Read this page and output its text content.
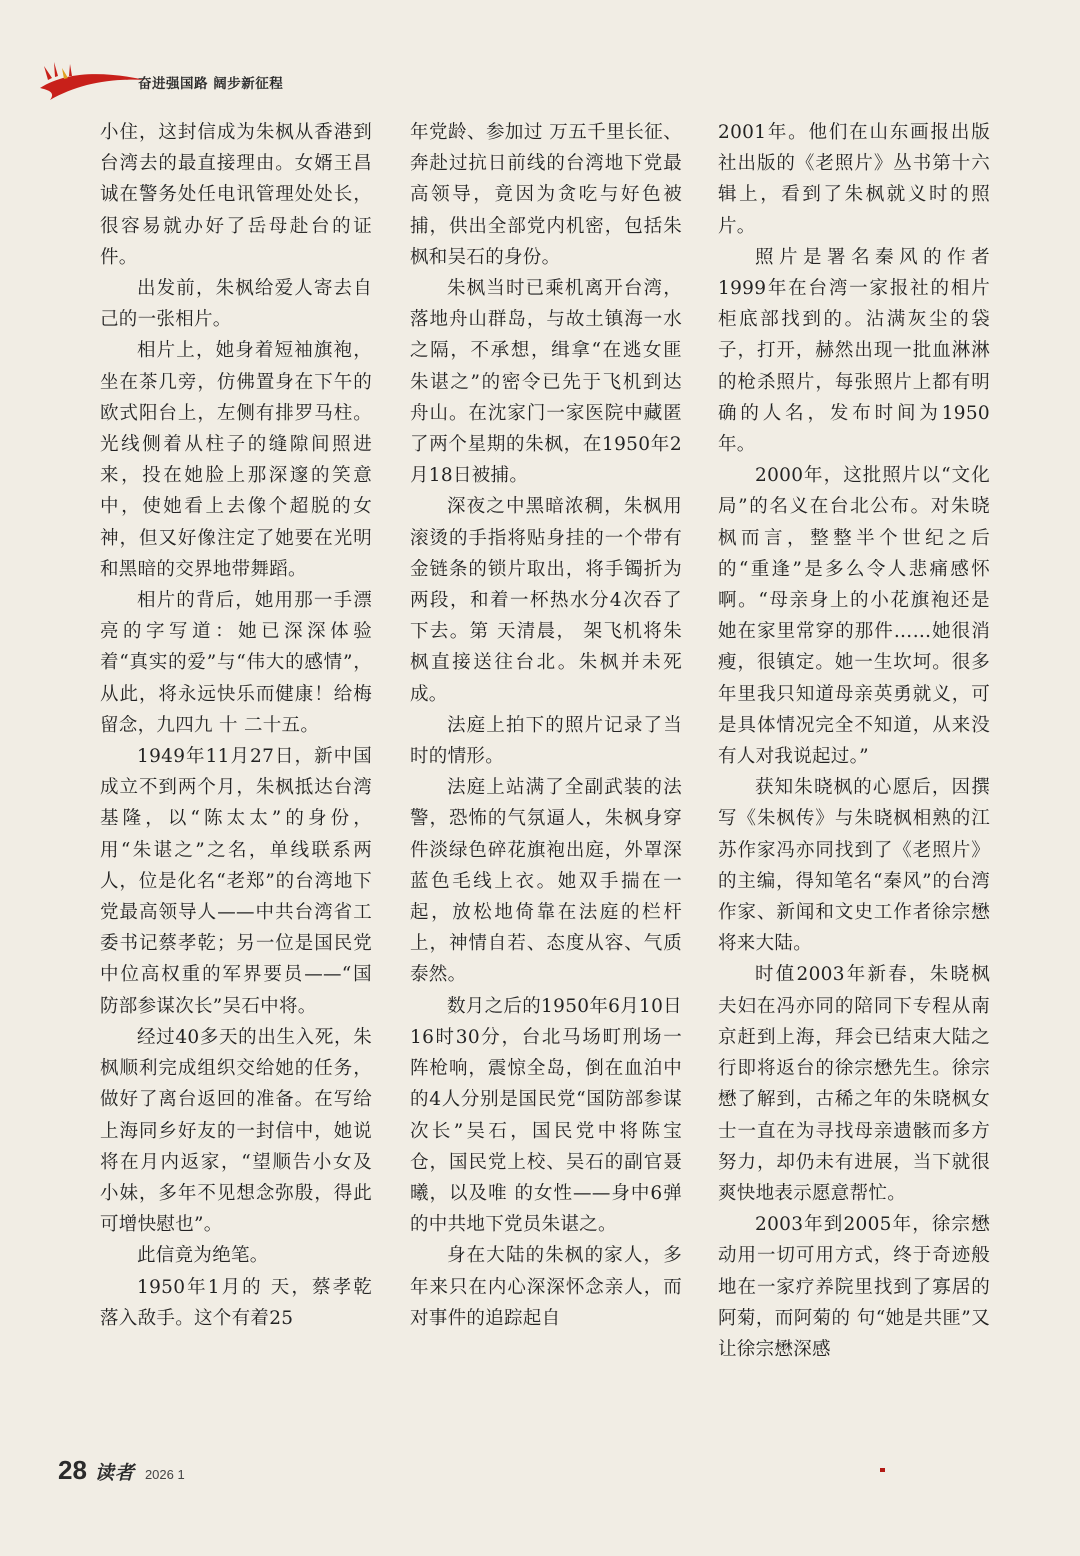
奋进强国路 阔步新征程

小住，这封信成为朱枫从香港到台湾去的最直接理由。女婿王昌诚在警务处任电讯管理处处长，很容易就办好了岳母赴台的证件。

出发前，朱枫给爱人寄去自己的一张相片。

相片上，她身着短袖旗袍，坐在茶几旁，仿佛置身在下午的欧式阳台上，左侧有排罗马柱。光线侧着从柱子的缝隙间照进来，投在她脸上那深邃的笑意中，使她看上去像个超脱的女神，但又好像注定了她要在光明和黑暗的交界地带舞蹈。

相片的背后，她用那一手漂亮的字写道：她已深深体验着“真实的爱”与“伟大的感情”，从此，将永远快乐而健康！给梅留念，九四九 十 二十五。

1949年11月27日，新中国成立不到两个月，朱枫抵达台湾基隆，以“陈太太”的身份，用“朱谌之”之名，单线联系两人，位是化名“老郑”的台湾地下党最高领导人——中共台湾省工委书记蔡孝乾；另一位是国民党中位高权重的军界要员——“国防部参谋次长”吴石中将。

经过40多天的出生入死，朱枫顺利完成组织交给她的任务，做好了离台返回的准备。在写给上海同乡好友的一封信中，她说将在月内返家，“望顺告小女及小妹，多年不见想念弥殷，得此可增快慰也”。

此信竟为绝笔。

1950年1月的 天，蔡孝乾落入敌手。这个有着25

年党龄、参加过 万五千里长征、奔赴过抗日前线的台湾地下党最高领导，竟因为贪吃与好色被捕，供出全部党内机密，包括朱枫和吴石的身份。

朱枫当时已乘机离开台湾，落地舟山群岛，与故土镇海一水之隔，不承想，缉拿“在逃女匪朱谌之”的密令已先于飞机到达舟山。在沈家门一家医院中藏匿了两个星期的朱枫，在1950年2月18日被捕。

深夜之中黑暗浓稠，朱枫用滚烫的手指将贴身挂的一个带有金链条的锁片取出，将手镯折为两段，和着一杯热水分4次吞了下去。第 天清晨， 架飞机将朱枫直接送往台北。朱枫并未死成。

法庭上拍下的照片记录了当时的情形。

法庭上站满了全副武装的法警，恐怖的气氛逼人，朱枫身穿 件淡绿色碎花旗袍出庭，外罩深蓝色毛线上衣。她双手揣在一起，放松地倚靠在法庭的栏杆上，神情自若、态度从容、气质泰然。

数月之后的1950年6月10日16时30分，台北马场町刑场一阵枪响，震惊全岛，倒在血泊中的4人分别是国民党“国防部参谋次长”吴石，国民党中将陈宝仓，国民党上校、吴石的副官聂曦，以及唯 的女性——身中6弹的中共地下党员朱谌之。

身在大陆的朱枫的家人，多年来只在内心深深怀念亲人，而对事件的追踪起自

2001年。他们在山东画报出版社出版的《老照片》丛书第十六辑上，看到了朱枫就义时的照片。

照片是署名秦风的作者1999年在台湾一家报社的相片柜底部找到的。沾满灰尘的袋子，打开，赫然出现一批血淋淋的枪杀照片，每张照片上都有明确的人名，发布时间为1950年。

2000年，这批照片以“文化局”的名义在台北公布。对朱晓枫而言，整整半个世纪之后的“重逢”是多么令人悲痛感怀啊。“母亲身上的小花旗袍还是她在家里常穿的那件……她很消瘦，很镇定。她一生坎坷。很多年里我只知道母亲英勇就义，可是具体情况完全不知道，从来没有人对我说起过。”

获知朱晓枫的心愿后，因撰写《朱枫传》与朱晓枫相熟的江苏作家冯亦同找到了《老照片》的主编，得知笔名“秦风”的台湾作家、新闻和文史工作者徐宗懋将来大陆。

时值2003年新春，朱晓枫夫妇在冯亦同的陪同下专程从南京赶到上海，拜会已结束大陆之行即将返台的徐宗懋先生。徐宗懋了解到，古稀之年的朱晓枫女士一直在为寻找母亲遗骸而多方努力，却仍未有进展，当下就很爽快地表示愿意帮忙。

2003年到2005年，徐宗懋动用一切可用方式，终于奇迹般地在一家疗养院里找到了寡居的阿菊，而阿菊的 句“她是共匪”又让徐宗懋深感

28 读者 2026 1
